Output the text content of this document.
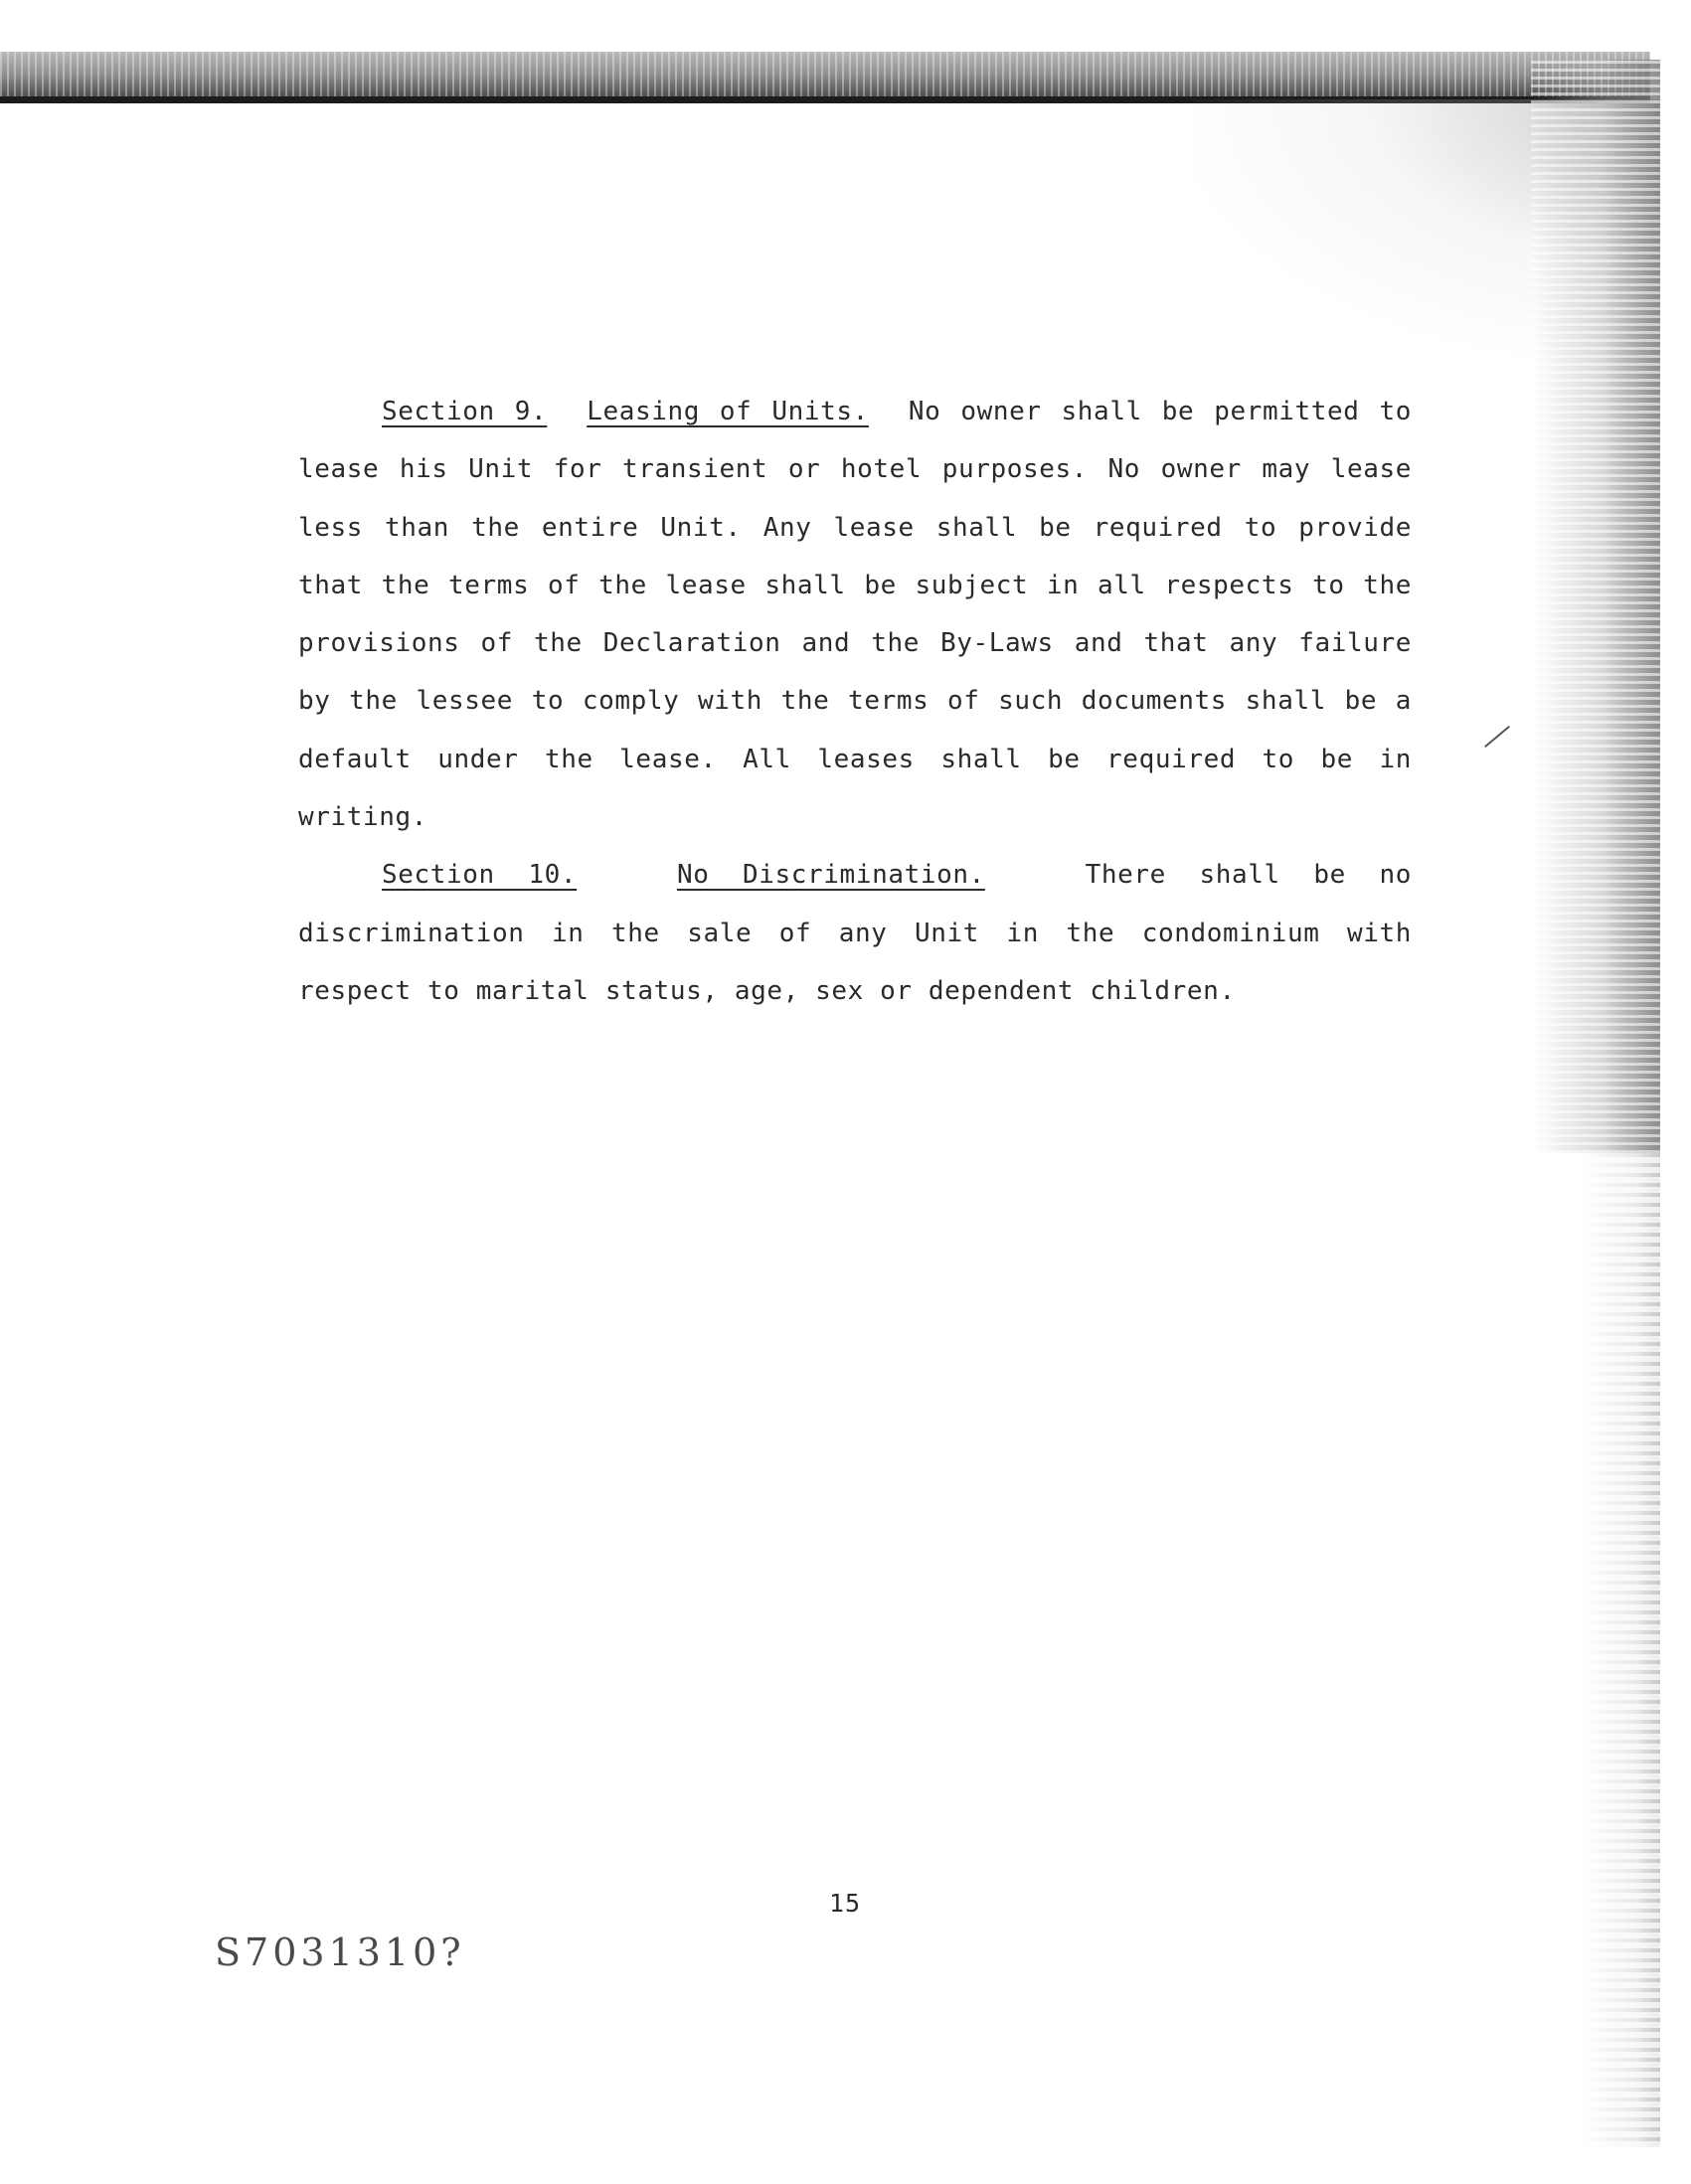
Section 9. Leasing of Units. No owner shall be permitted to lease his Unit for transient or hotel purposes. No owner may lease less than the entire Unit. Any lease shall be required to provide that the terms of the lease shall be subject in all respects to the provisions of the Declaration and the By-Laws and that any failure by the lessee to comply with the terms of such documents shall be a default under the lease. All leases shall be required to be in writing.

Section 10.	No Discrimination.	There shall be no discrimination in the sale of any Unit in the condominium with respect to marital status, age, sex or dependent children.

15
S7031310?
